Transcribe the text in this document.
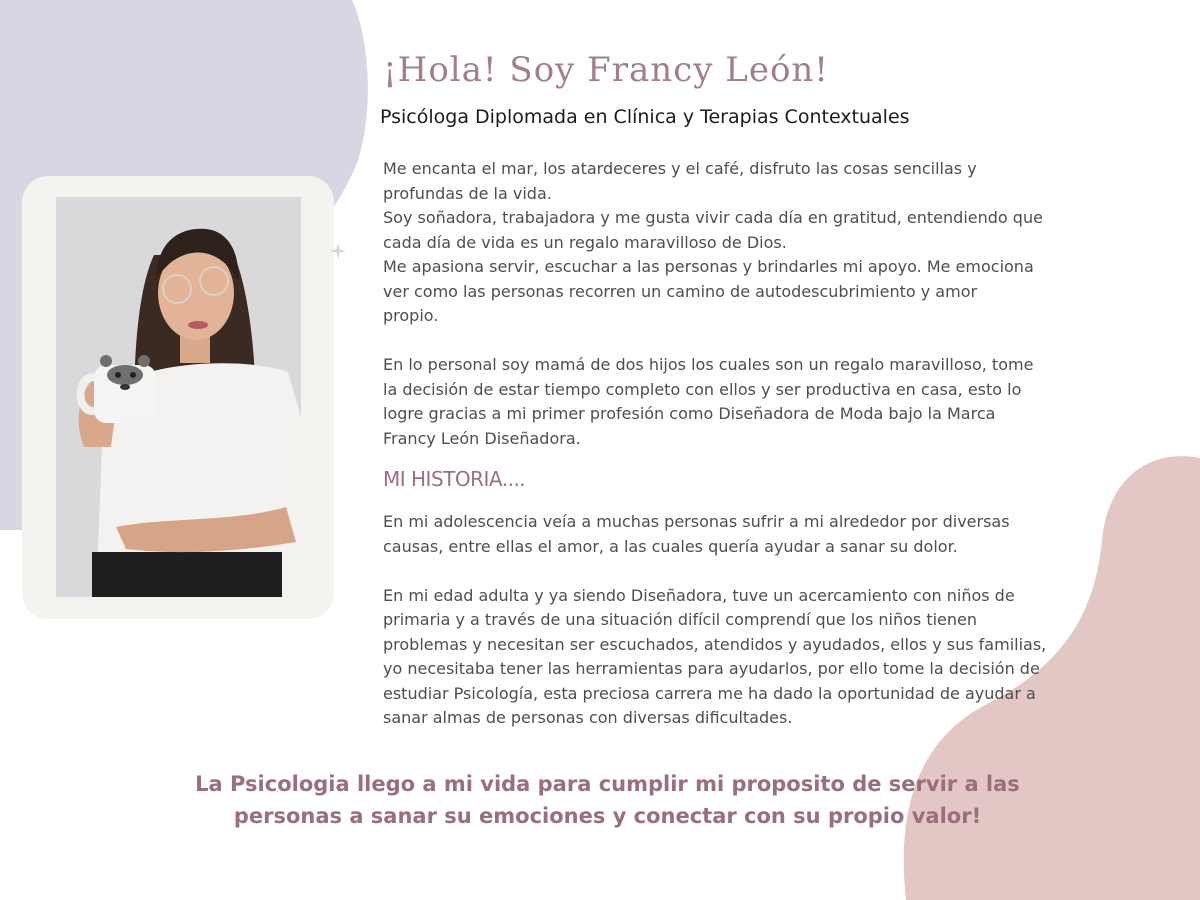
¡Hola! Soy Francy León!
Psicóloga Diplomada en Clínica y Terapias Contextuales
Me encanta el mar, los atardeceres y el café, disfruto las cosas sencillas y
profundas de la vida.
Soy soñadora, trabajadora y me gusta vivir cada día en gratitud, entendiendo que
cada día de vida es un regalo maravilloso de Dios.
Me apasiona servir, escuchar a las personas y brindarles mi apoyo. Me emociona
ver como las personas recorren un camino de autodescubrimiento y amor
propio.
En lo personal soy mamá de dos hijos los cuales son un regalo maravilloso, tome
la decisión de estar tiempo completo con ellos y ser productiva en casa, esto lo
logre gracias a mi primer profesión como Diseñadora de Moda bajo la Marca
Francy León Diseñadora.
MI HISTORIA....
En mi adolescencia veía a muchas personas sufrir a mi alrededor por diversas
causas, entre ellas el amor, a las cuales quería ayudar a sanar su dolor.
En mi edad adulta y ya siendo Diseñadora, tuve un acercamiento con niños de
primaria y a través de una situación difícil comprendí que los niños tienen
problemas y necesitan ser escuchados, atendidos y ayudados, ellos y sus familias,
yo necesitaba tener las herramientas para ayudarlos, por ello tome la decisión de
estudiar Psicología, esta preciosa carrera me ha dado la oportunidad de ayudar a
sanar almas de personas con diversas dificultades.
La Psicologia llego a mi vida para cumplir mi proposito de servir a las
personas a sanar su emociones y conectar con su propio valor!
